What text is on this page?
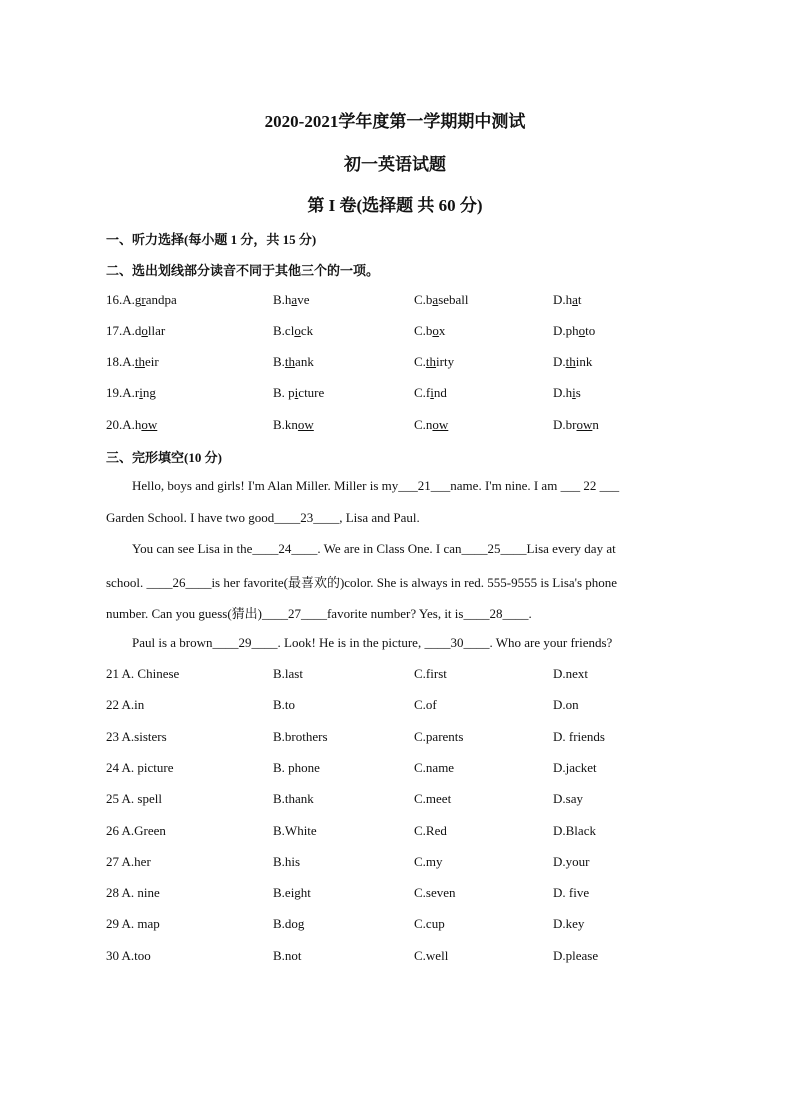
2020-2021学年度第一学期期中测试
初一英语试题
第 I 卷(选择题 共 60 分)
一、听力选择(每小题 1 分，共 15 分)
二、选出划线部分读音不同于其他三个的一项。
16.A.grandpa	B.have	C.baseball	D.hat
17.A.dollar	B.clock	C.box	D.photo
18.A.their	B.thank	C.thirty	D.think
19.A.ring	B. picture	C.find	D.his
20.A.how	B.know	C.now	D.brown
三、完形填空(10 分)
Hello, boys and girls! I'm Alan Miller. Miller is my___21___name. I'm nine. I am ___ 22 ___
Garden School. I have two good____23____, Lisa and Paul.
You can see Lisa in the____24____. We are in Class One. I can____25____Lisa every day at
school. ____26____is her favorite(最喜欢的)color. She is always in red. 555-9555 is Lisa's phone
number. Can you guess(猜出)____27____favorite number? Yes, it is____28____.
Paul is a brown____29____. Look! He is in the picture, ____30____. Who are your friends?
21 A. Chinese	B.last	C.first	D.next
22 A.in	B.to	C.of	D.on
23 A.sisters	B.brothers	C.parents	D. friends
24 A. picture	B. phone	C.name	D.jacket
25 A. spell	B.thank	C.meet	D.say
26 A.Green	B.White	C.Red	D.Black
27 A.her	B.his	C.my	D.your
28 A. nine	B.eight	C.seven	D. five
29 A. map	B.dog	C.cup	D.key
30 A.too	B.not	C.well	D.please
